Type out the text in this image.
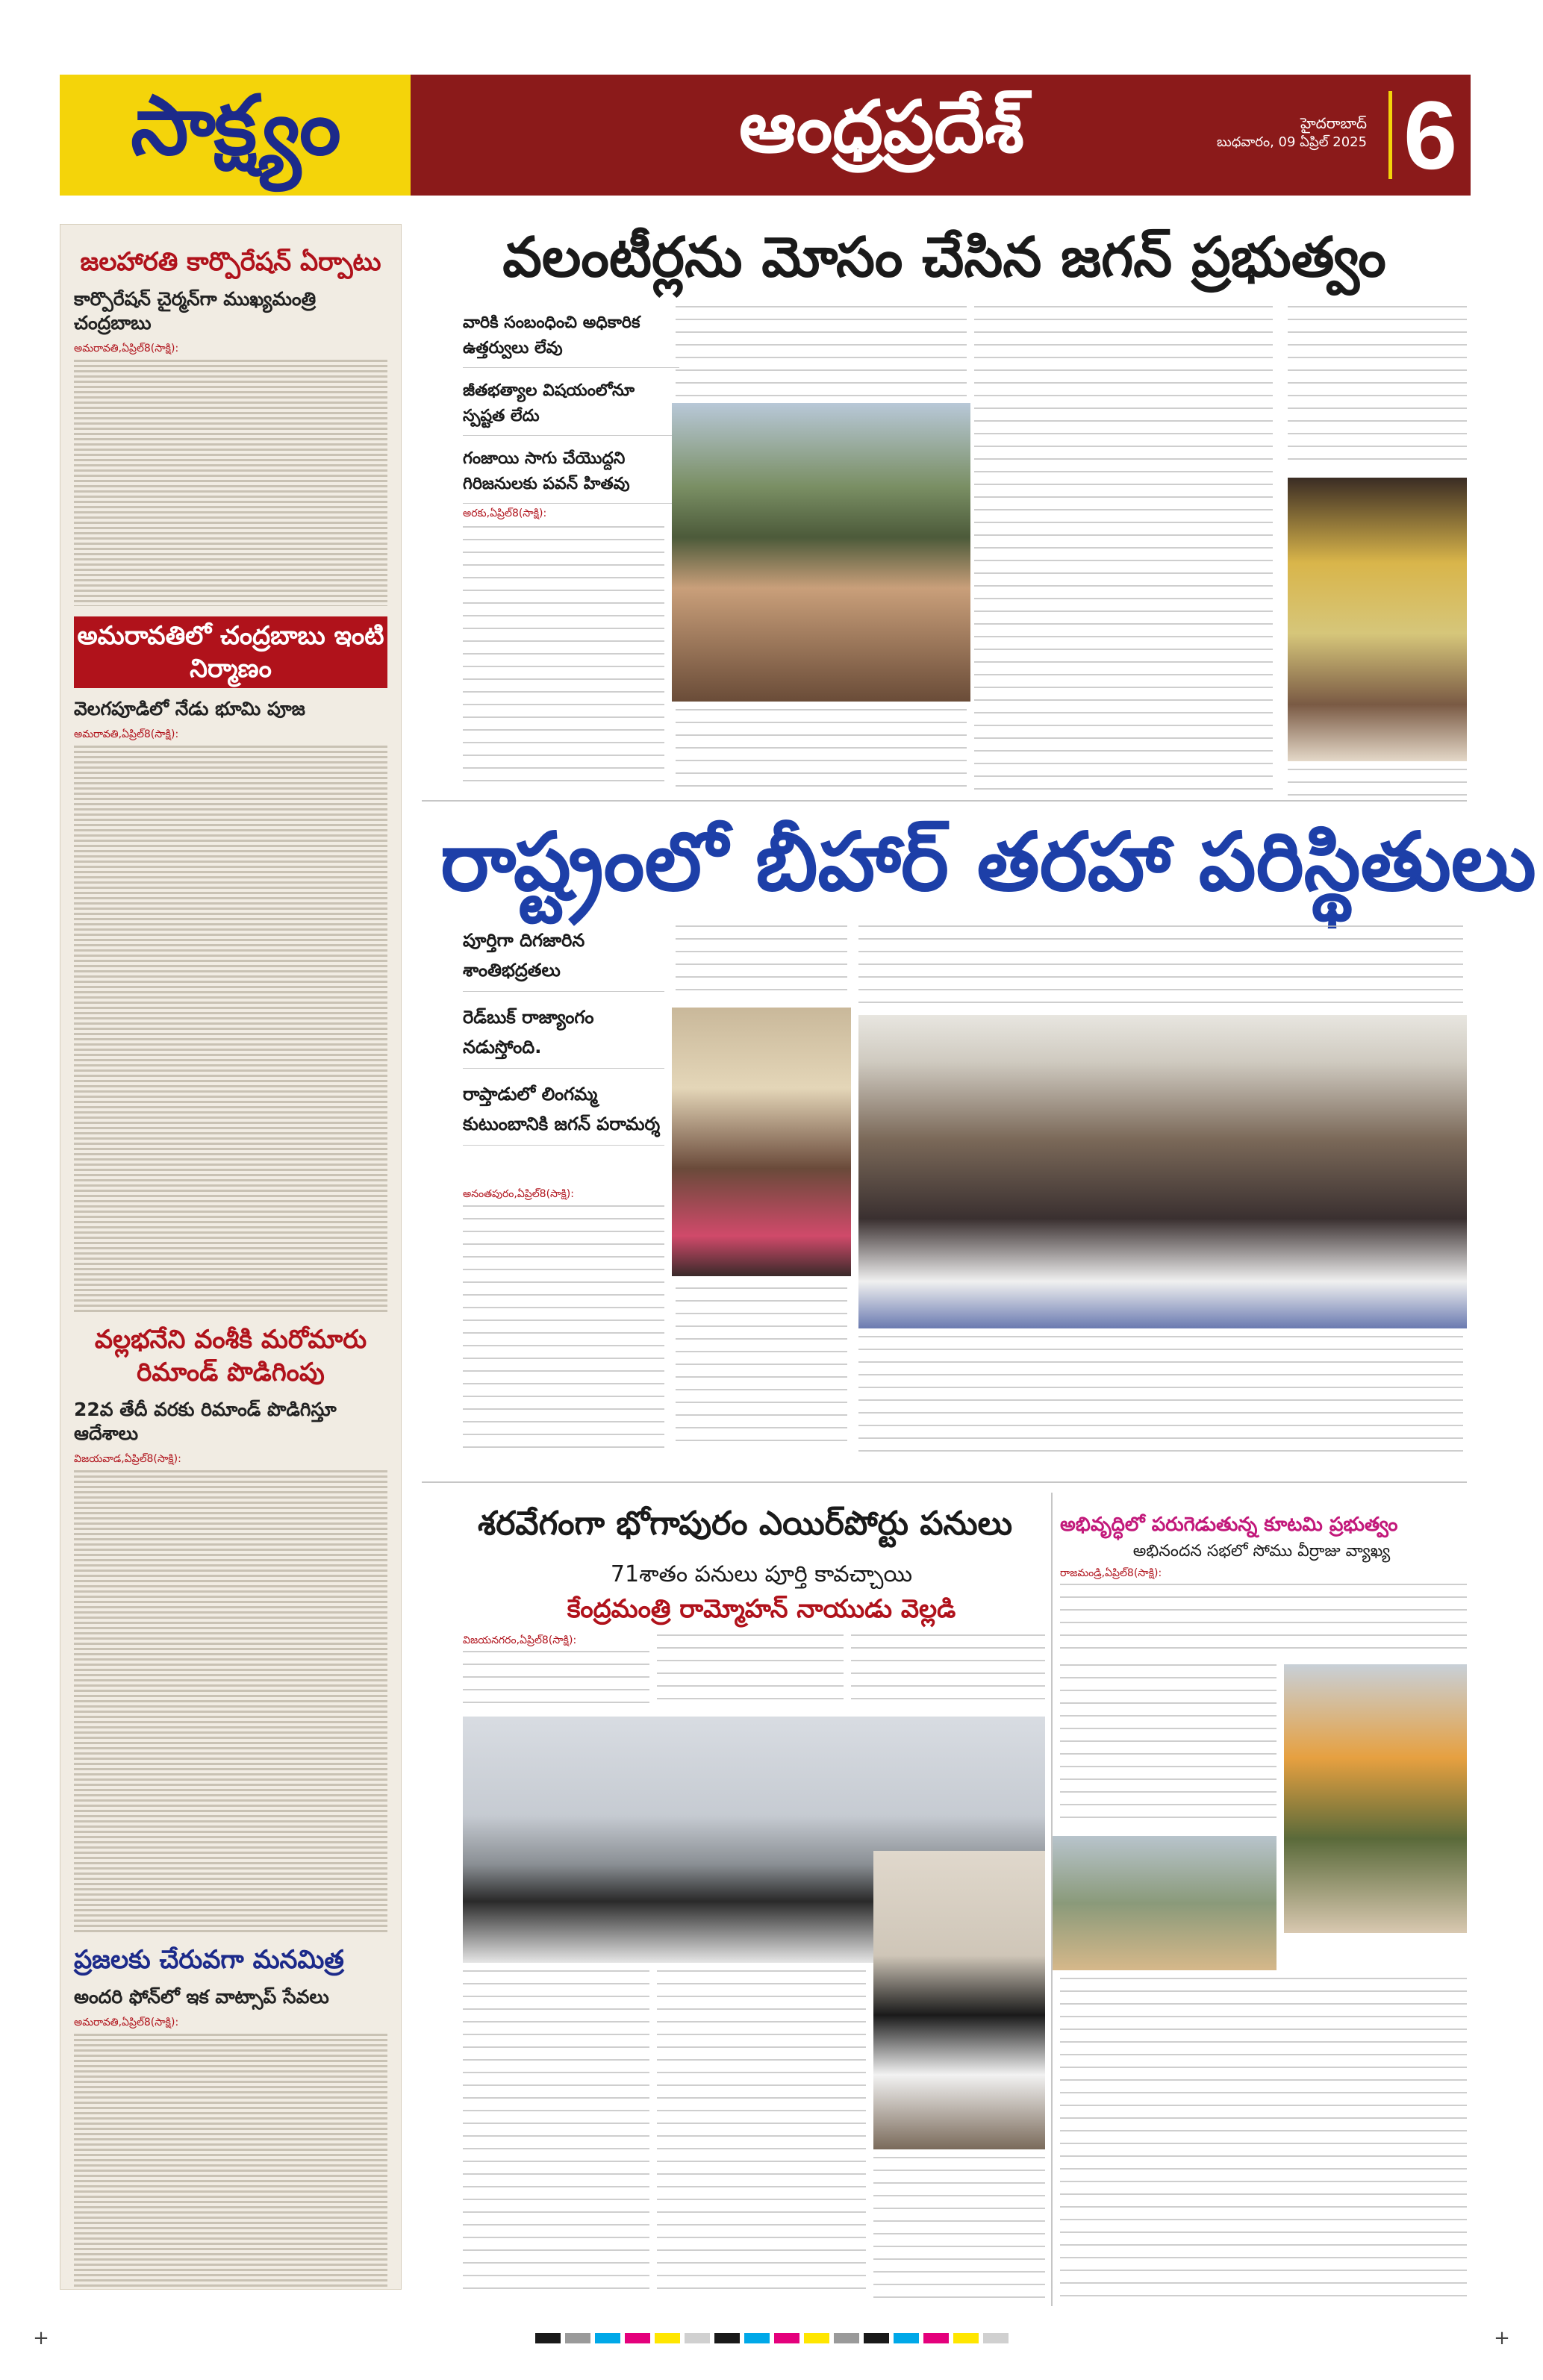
సాక్ష్యం	ఆంధ్రప్రదేశ్	హైదరాబాద్
బుధవారం, 09 ఏప్రిల్ 2025 6
జలహారతి కార్పొరేషన్ ఏర్పాటు
కార్పొరేషన్ చైర్మన్‌గా ముఖ్యమంత్రి చంద్రబాబు
అమరావతి,ఏప్రిల్8(సాక్షి):
అమరావతిలో చంద్రబాబు ఇంటి నిర్మాణం
వెలగపూడిలో నేడు భూమి పూజ
అమరావతి,ఏప్రిల్8(సాక్షి):
వల్లభనేని వంశీకి మరోమారు రిమాండ్ పొడిగింపు
22వ తేదీ వరకు రిమాండ్ పొడిగిస్తూ ఆదేశాలు
విజయవాడ,ఏప్రిల్8(సాక్షి):
ప్రజలకు చేరువగా మనమిత్ర
అందరి ఫోన్‌లో ఇక వాట్సాప్ సేవలు
అమరావతి,ఏప్రిల్8(సాక్షి):
వలంటీర్లను మోసం చేసిన జగన్ ప్రభుత్వం

వారికి సంబంధించి అధికారిక ఉత్తర్వులు లేవు

జీతభత్యాల విషయంలోనూ స్పష్టత లేదు

గంజాయి సాగు చేయొద్దని గిరిజనులకు పవన్ హితవు

అరకు,ఏప్రిల్8(సాక్షి):
రాష్ట్రంలో బీహార్ తరహా పరిస్థితులు

పూర్తిగా దిగజారిన శాంతిభద్రతలు

రెడ్‌బుక్ రాజ్యాంగం నడుస్తోంది.

రాప్తాడులో లింగమ్మ కుటుంబానికి జగన్ పరామర్శ

అనంతపురం,ఏప్రిల్8(సాక్షి):
శరవేగంగా భోగాపురం ఎయిర్‌పోర్టు పనులు
71శాతం పనులు పూర్తి కావచ్చాయి
కేంద్రమంత్రి రామ్మోహన్ నాయుడు వెల్లడి
విజయనగరం,ఏప్రిల్8(సాక్షి):
అభివృద్ధిలో పరుగెడుతున్న కూటమి ప్రభుత్వం
అభినందన సభలో సోము వీర్రాజు వ్యాఖ్య
రాజమండ్రి,ఏప్రిల్8(సాక్షి):
+	+
